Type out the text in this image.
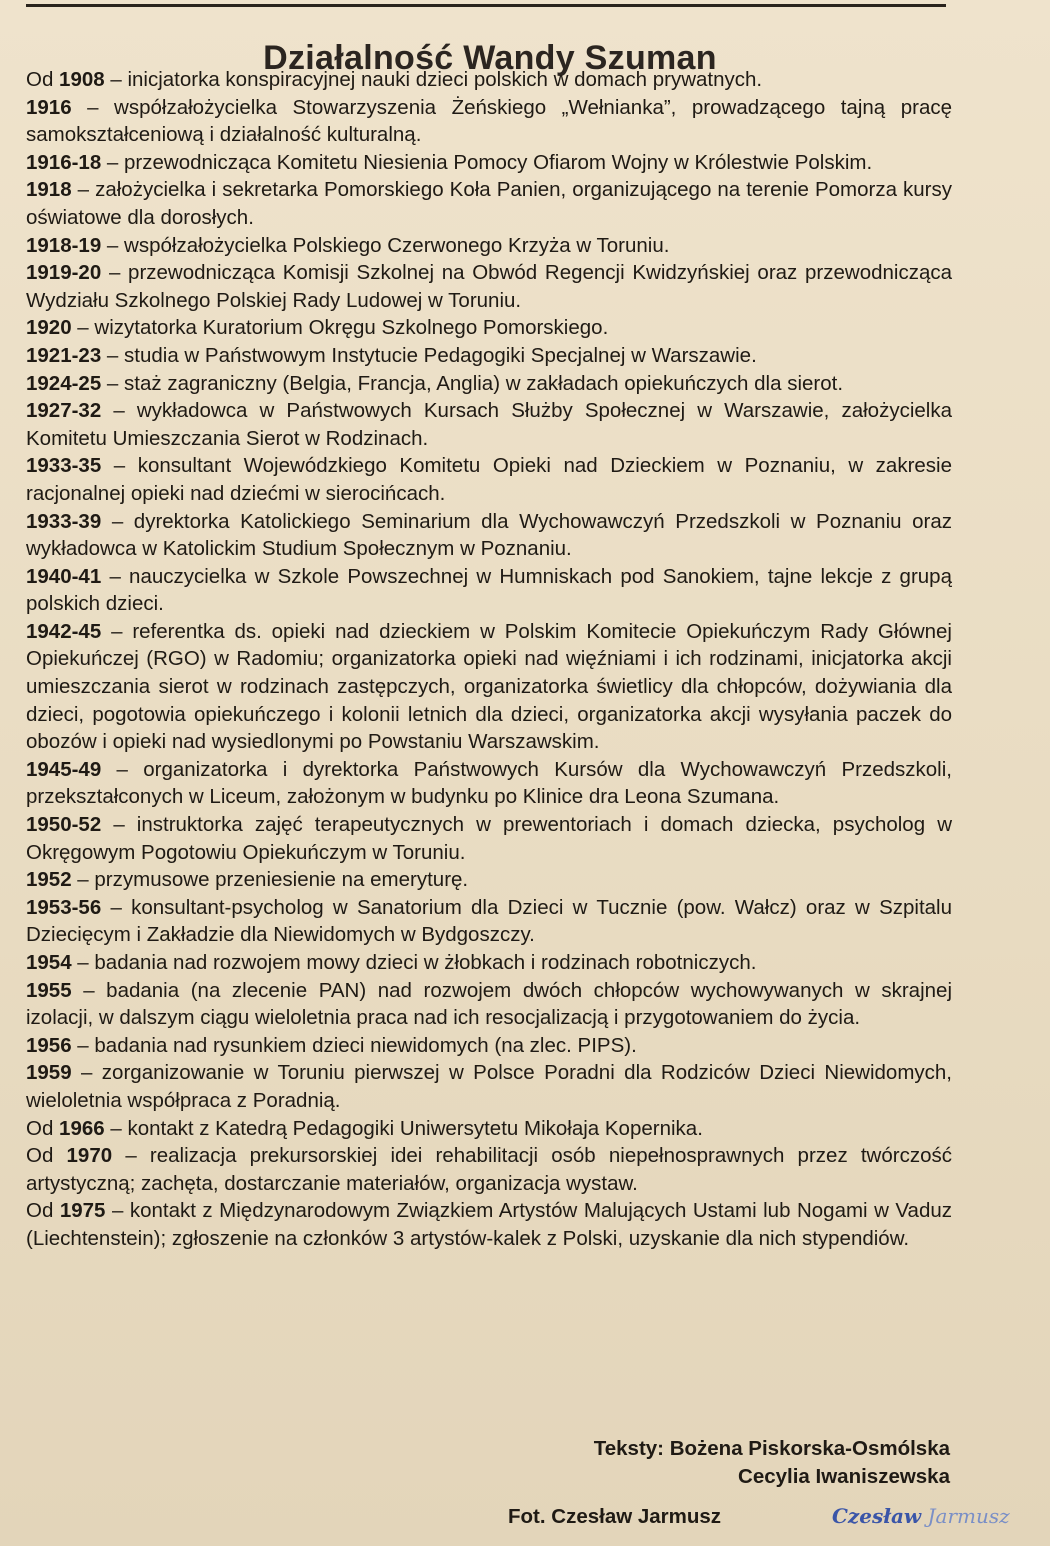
Działalność Wandy Szuman

Od 1908 – inicjatorka konspiracyjnej nauki dzieci polskich w domach prywatnych.

1916 – współzałożycielka Stowarzyszenia Żeńskiego „Wełnianka”, prowadzącego tajną pracę samokształceniową i działalność kulturalną.

1916-18 – przewodnicząca Komitetu Niesienia Pomocy Ofiarom Wojny w Królestwie Polskim.

1918 – założycielka i sekretarka Pomorskiego Koła Panien, organizującego na terenie Pomorza kursy oświatowe dla dorosłych.

1918-19 – współzałożycielka Polskiego Czerwonego Krzyża w Toruniu.

1919-20 – przewodnicząca Komisji Szkolnej na Obwód Regencji Kwidzyńskiej oraz przewodnicząca Wydziału Szkolnego Polskiej Rady Ludowej w Toruniu.

1920 – wizytatorka Kuratorium Okręgu Szkolnego Pomorskiego.

1921-23 – studia w Państwowym Instytucie Pedagogiki Specjalnej w Warszawie.

1924-25 – staż zagraniczny (Belgia, Francja, Anglia) w zakładach opiekuńczych dla sierot.

1927-32 – wykładowca w Państwowych Kursach Służby Społecznej w Warszawie, założycielka Komitetu Umieszczania Sierot w Rodzinach.

1933-35 – konsultant Wojewódzkiego Komitetu Opieki nad Dzieckiem w Poznaniu, w zakresie racjonalnej opieki nad dziećmi w sierocińcach.

1933-39 – dyrektorka Katolickiego Seminarium dla Wychowawczyń Przedszkoli w Poznaniu oraz wykładowca w Katolickim Studium Społecznym w Poznaniu.

1940-41 – nauczycielka w Szkole Powszechnej w Humniskach pod Sanokiem, tajne lekcje z grupą polskich dzieci.

1942-45 – referentka ds. opieki nad dzieckiem w Polskim Komitecie Opiekuńczym Rady Głównej Opiekuńczej (RGO) w Radomiu; organizatorka opieki nad więźniami i ich rodzinami, inicjatorka akcji umieszczania sierot w rodzinach zastępczych, organizatorka świetlicy dla chłopców, dożywiania dla dzieci, pogotowia opiekuńczego i kolonii letnich dla dzieci, organizatorka akcji wysyłania paczek do obozów i opieki nad wysiedlonymi po Powstaniu Warszawskim.

1945-49 – organizatorka i dyrektorka Państwowych Kursów dla Wychowawczyń Przedszkoli, przekształconych w Liceum, założonym w budynku po Klinice dra Leona Szumana.

1950-52 – instruktorka zajęć terapeutycznych w prewentoriach i domach dziecka, psycholog w Okręgowym Pogotowiu Opiekuńczym w Toruniu.

1952 – przymusowe przeniesienie na emeryturę.

1953-56 – konsultant-psycholog w Sanatorium dla Dzieci w Tucznie (pow. Wałcz) oraz w Szpitalu Dziecięcym i Zakładzie dla Niewidomych w Bydgoszczy.

1954 – badania nad rozwojem mowy dzieci w żłobkach i rodzinach robotniczych.

1955 – badania (na zlecenie PAN) nad rozwojem dwóch chłopców wychowywanych w skrajnej izolacji, w dalszym ciągu wieloletnia praca nad ich resocjalizacją i przygotowaniem do życia.

1956 – badania nad rysunkiem dzieci niewidomych (na zlec. PIPS).

1959 – zorganizowanie w Toruniu pierwszej w Polsce Poradni dla Rodziców Dzieci Niewidomych, wieloletnia współpraca z Poradnią.

Od 1966 – kontakt z Katedrą Pedagogiki Uniwersytetu Mikołaja Kopernika.

Od 1970 – realizacja prekursorskiej idei rehabilitacji osób niepełnosprawnych przez twórczość artystyczną; zachęta, dostarczanie materiałów, organizacja wystaw.

Od 1975 – kontakt z Międzynarodowym Związkiem Artystów Malujących Ustami lub Nogami w Vaduz (Liechtenstein); zgłoszenie na członków 3 artystów-kalek z Polski, uzyskanie dla nich stypendiów.

Teksty: Bożena Piskorska-Osmólska
Cecylia Iwaniszewska
Fot. Czesław Jarmusz	Czesław Jarmusz
